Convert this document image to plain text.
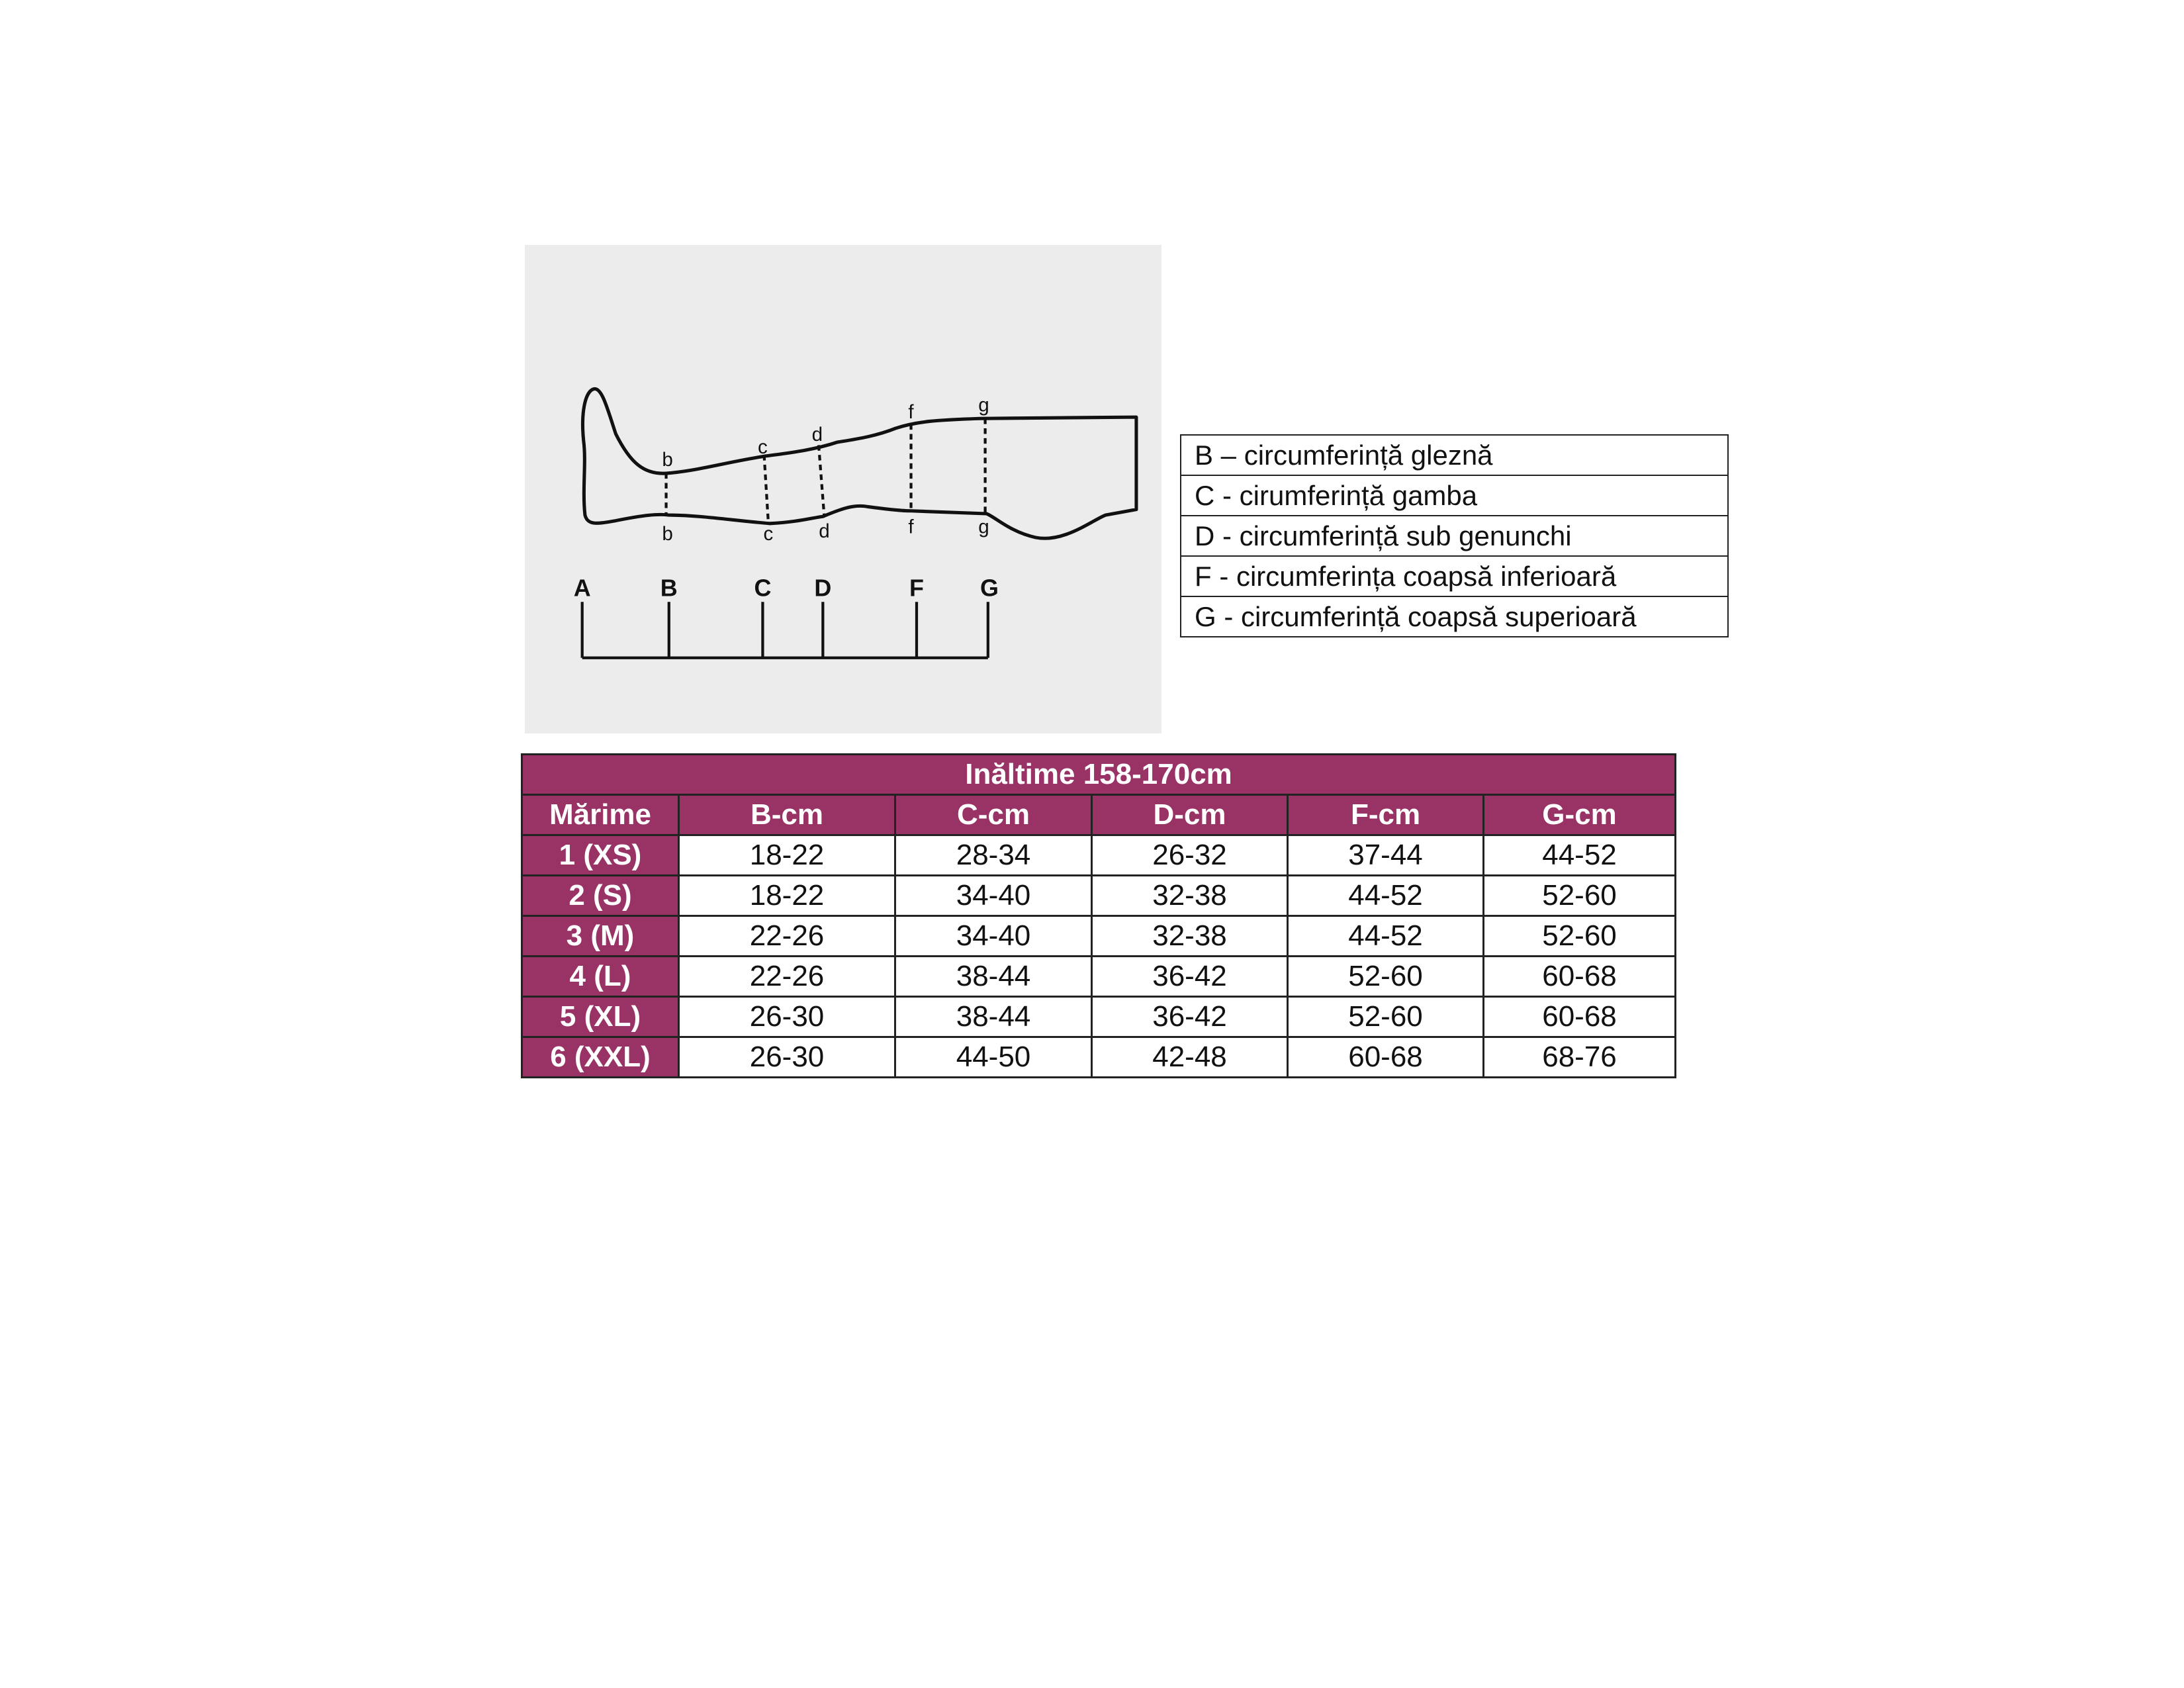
b
c
d
f	g
b	c	d	f	g
A	B	C	D	F	G
B – circumferință gleznă
C - cirumferință gamba
D - circumferință sub genunchi
F - circumferința coapsă inferioară
G - circumferință coapsă superioară
Inăltime 158-170cm					
Mărime	B-cm	C-cm	D-cm	F-cm	G-cm
1 (XS)	18-22	28-34	26-32	37-44	44-52
2 (S)	18-22	34-40	32-38	44-52	52-60
3 (M)	22-26	34-40	32-38	44-52	52-60
4 (L)	22-26	38-44	36-42	52-60	60-68
5 (XL)	26-30	38-44	36-42	52-60	60-68
6 (XXL)	26-30	44-50	42-48	60-68	68-76
